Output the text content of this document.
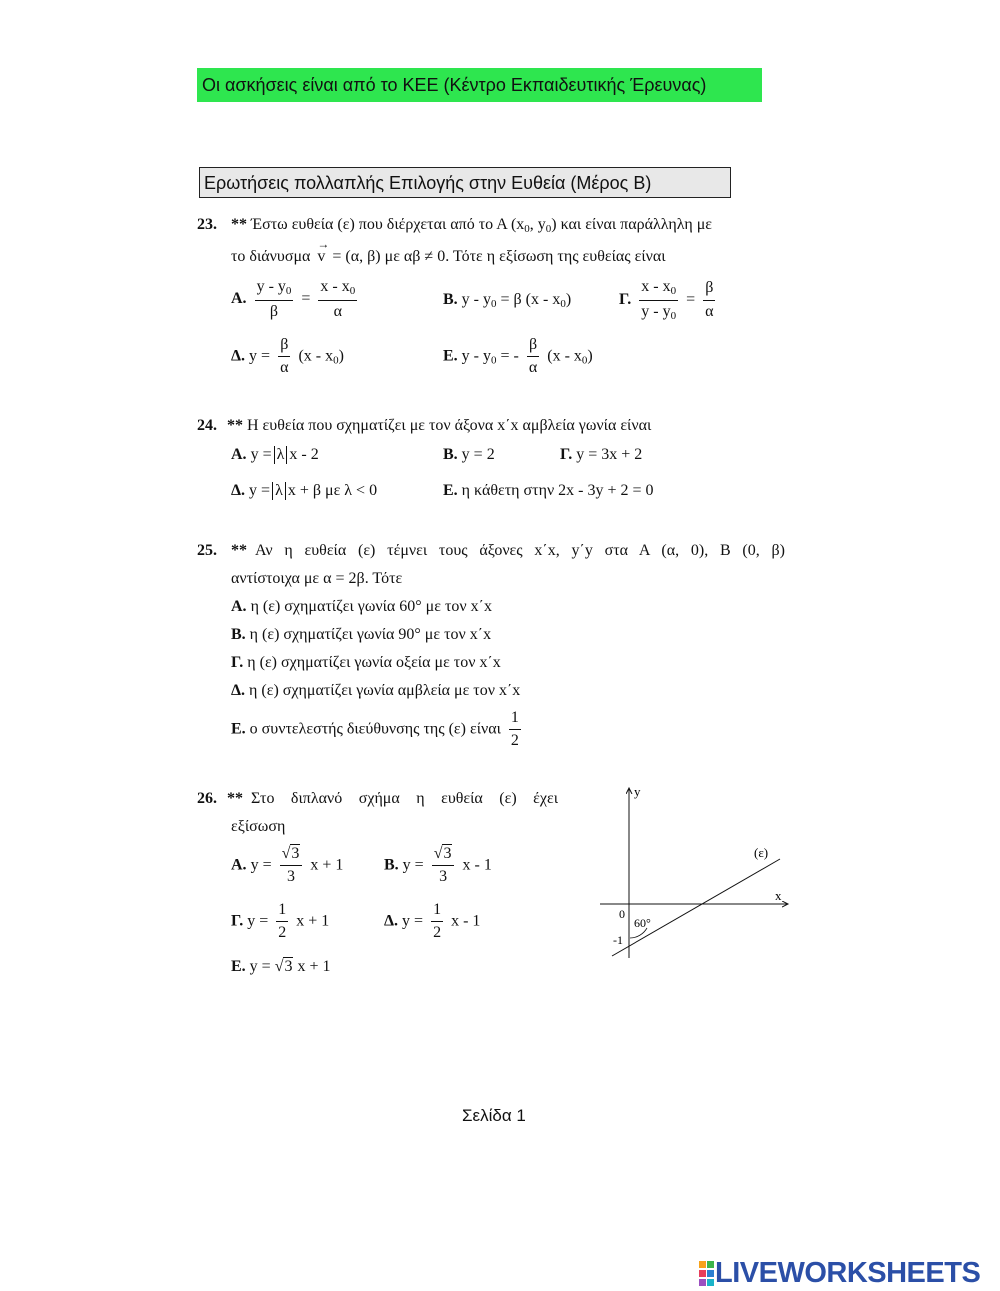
Οι ασκήσεις είναι από το ΚΕΕ (Κέντρο Εκπαιδευτικής Έρευνας)
Ερωτήσεις πολλαπλής Επιλογής στην Ευθεία (Μέρος Β)
23. ** Έστω ευθεία (ε) που διέρχεται από το Α ($x_0$, $y_0$) και είναι παράλληλη με
το διάνυσμα
→
v = (α, β) με αβ ≠ 0. Τότε η εξίσωση της ευθείας είναι
Α. $\frac{y - y_0}{\beta} = \frac{x - x_0}{\alpha}$	Β. $y - y_0 = \beta$ $(x - x_0)$	Γ. $\frac{x - x_0}{y - y_0} = \frac{\beta}{\alpha}$
Δ. $y = \frac{\beta}{\alpha} (x - x_0)$	Ε. y - $y_0$ = - $\frac{\beta}{\alpha} (x - x_0)$
24. ** Η ευθεία που σχηματίζει με τον άξονα x΄x αμβλεία γωνία είναι
Α. y = λ x - 2	Β. y = 2	Γ. y = 3x + 2
Δ. y = λ x + β με λ < 0	Ε. η κάθετη στην 2x - 3y + 2 = 0
25. ** Αν η ευθεία (ε) τέμνει τους άξονες x΄x, y΄y στα Α (α, 0), Β (0, β)
αντίστοιχα με α = 2β. Τότε
Α. η (ε) σχηματίζει γωνία 60° με τον x΄x
Β. η (ε) σχηματίζει γωνία 90° με τον x΄x
Γ. η (ε) σχηματίζει γωνία οξεία με τον x΄x
Δ. η (ε) σχηματίζει γωνία αμβλεία με τον x΄x
Ε. ο συντελεστής διεύθυνσης της (ε) είναι $\frac{1}{2}$
26. ** Στο διπλανό σχήμα η ευθεία (ε) έχει
εξίσωση
Α. $y = \frac{√3}{3}$ x + 1	Β. $y = \frac{√3}{3}$ x - 1
Γ. $y = \frac{1}{2}$ x + 1	Δ. $y = \frac{1}{2}$ x - 1
Ε. y = √3 x + 1
y
x
(ε)
0
60°
-1
Σελίδα 1
LIVEWORKSHEETS
